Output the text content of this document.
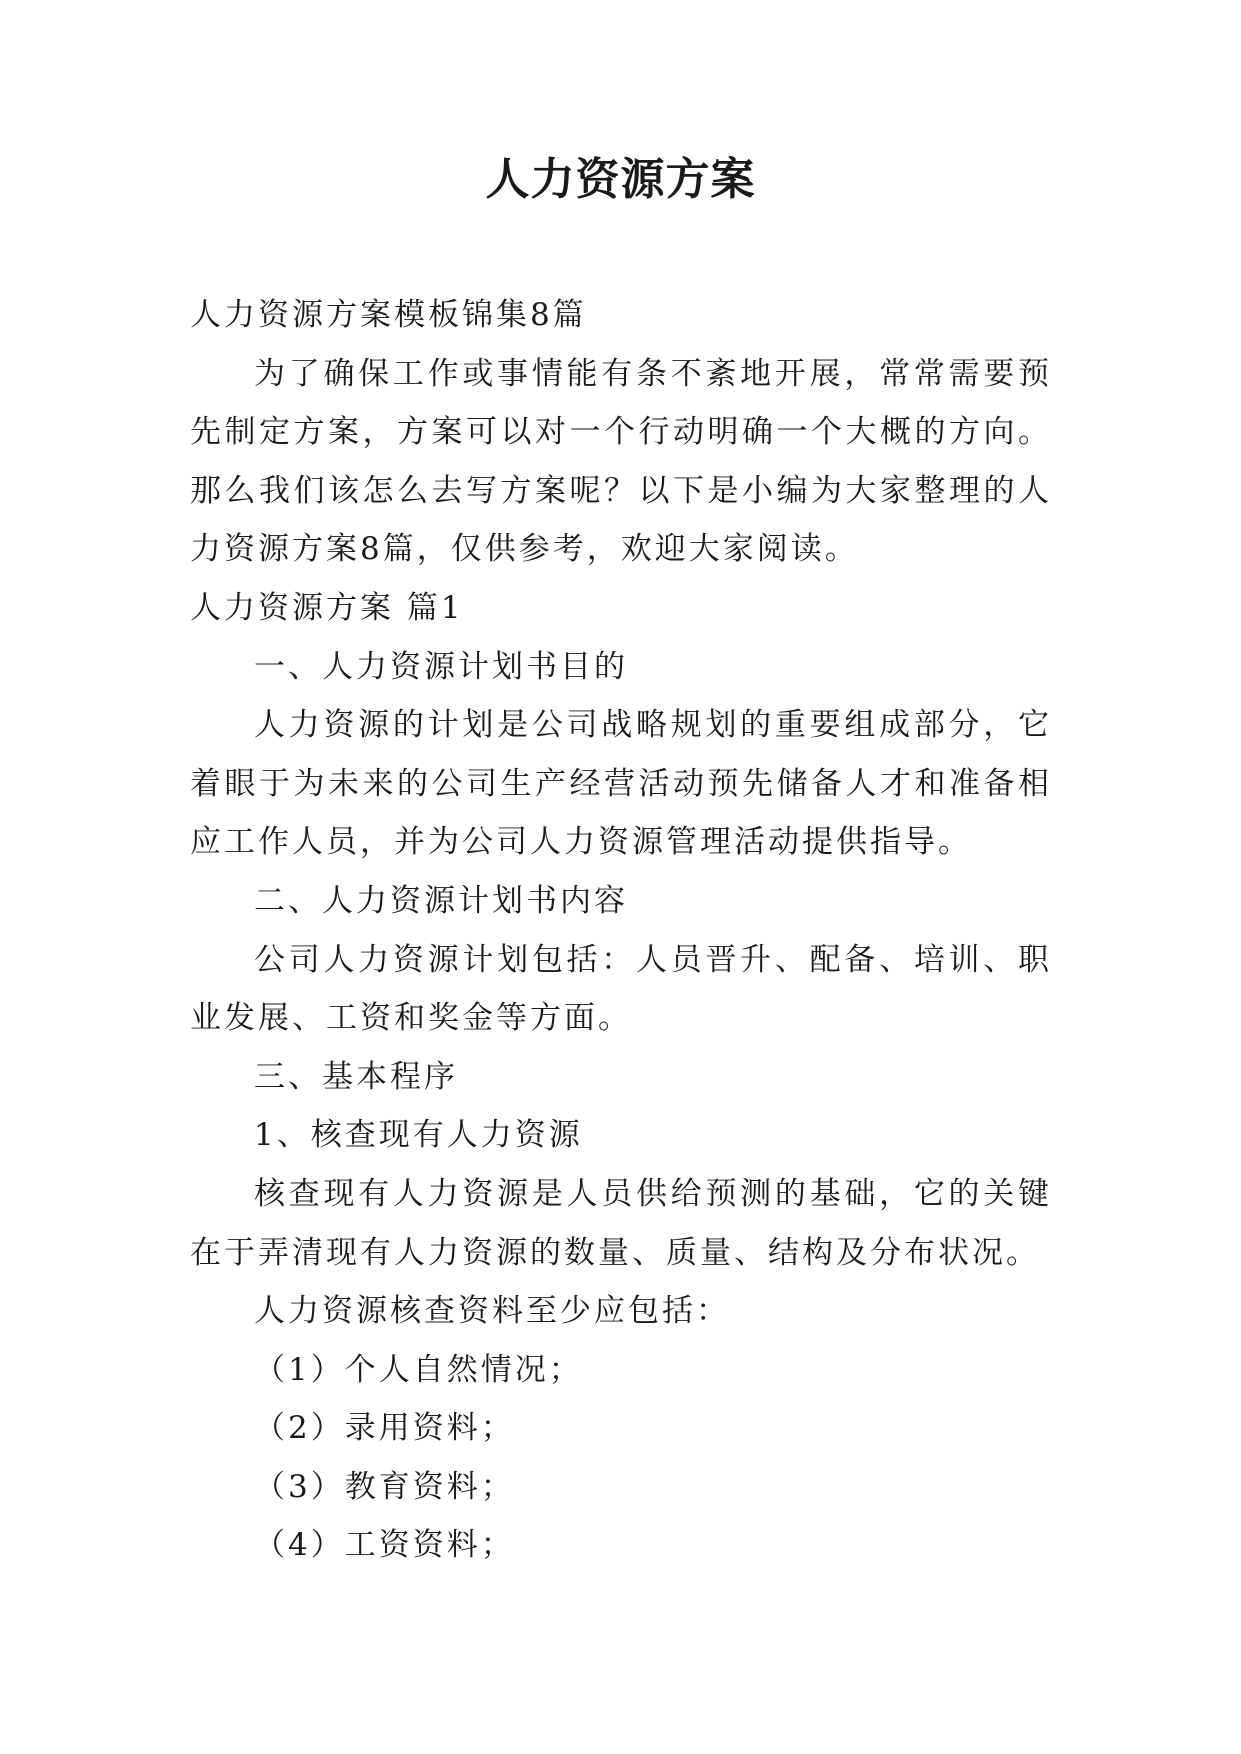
人力资源方案

人力资源方案模板锦集8篇

为了确保工作或事情能有条不紊地开展，常常需要预先制定方案，方案可以对一个行动明确一个大概的方向。那么我们该怎么去写方案呢？以下是小编为大家整理的人力资源方案8篇，仅供参考，欢迎大家阅读。

人力资源方案 篇1

一、人力资源计划书目的

人力资源的计划是公司战略规划的重要组成部分，它着眼于为未来的公司生产经营活动预先储备人才和准备相应工作人员，并为公司人力资源管理活动提供指导。

二、人力资源计划书内容

公司人力资源计划包括：人员晋升、配备、培训、职业发展、工资和奖金等方面。

三、基本程序

1、核查现有人力资源

核查现有人力资源是人员供给预测的基础，它的关键在于弄清现有人力资源的数量、质量、结构及分布状况。

人力资源核查资料至少应包括：

（1）个人自然情况；

（2）录用资料；

（3）教育资料；

（4）工资资料；
